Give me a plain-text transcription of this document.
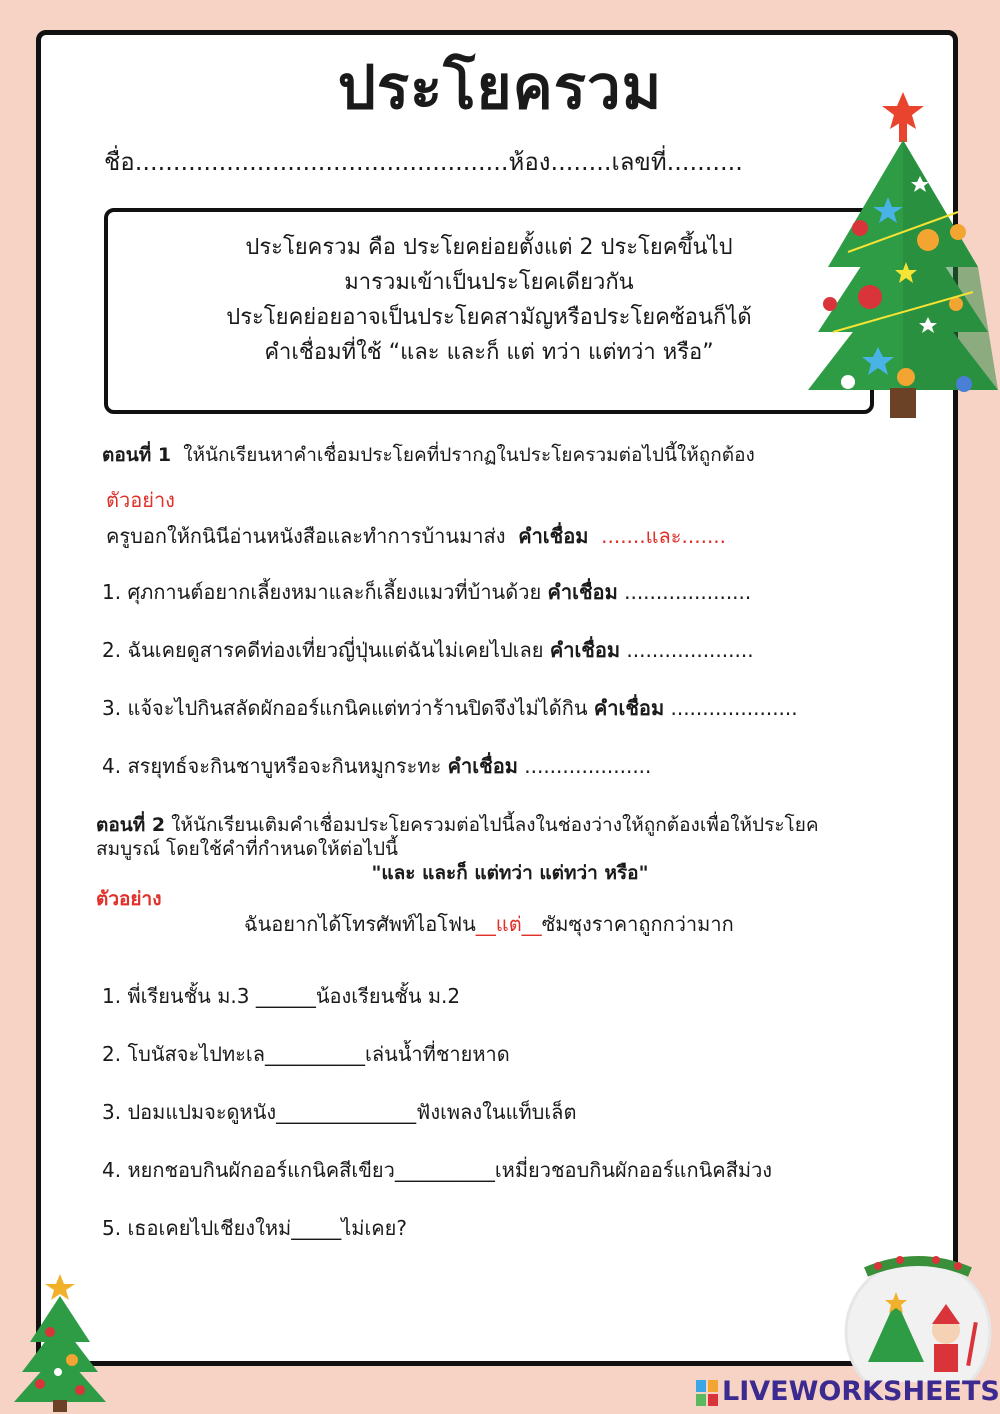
ประโยครวม
ชื่อ.................................................ห้อง........เลขที่..........
ประโยครวม คือ ประโยคย่อยตั้งแต่ 2 ประโยคขึ้นไป
มารวมเข้าเป็นประโยคเดียวกัน
ประโยคย่อยอาจเป็นประโยคสามัญหรือประโยคซ้อนก็ได้
คำเชื่อมที่ใช้ “และ และก็ แต่ ทว่า แต่ทว่า หรือ”
ตอนที่ 1 ให้นักเรียนหาคำเชื่อมประโยคที่ปรากฏในประโยครวมต่อไปนี้ให้ถูกต้อง
ตัวอย่าง
ครูบอกให้กนินีอ่านหนังสือและทำการบ้านมาส่ง คำเชื่อม .......และ.......
1. ศุภกานต์อยากเลี้ยงหมาและก็เลี้ยงแมวที่บ้านด้วย คำเชื่อม ....................
2. ฉันเคยดูสารคดีท่องเที่ยวญี่ปุ่นแต่ฉันไม่เคยไปเลย คำเชื่อม ....................
3. แจ้จะไปกินสลัดผักออร์แกนิคแต่ทว่าร้านปิดจึงไม่ได้กิน คำเชื่อม ....................
4. สรยุทธ์จะกินชาบูหรือจะกินหมูกระทะ คำเชื่อม ....................
ตอนที่ 2 ให้นักเรียนเติมคำเชื่อมประโยครวมต่อไปนี้ลงในช่องว่างให้ถูกต้องเพื่อให้ประโยค
สมบูรณ์ โดยใช้คำที่กำหนดให้ต่อไปนี้
"และ และก็ แต่ทว่า แต่ทว่า หรือ"
ตัวอย่าง
ฉันอยากได้โทรศัพท์ไอโฟน__แต่__ซัมซุงราคาถูกกว่ามาก
1. พี่เรียนชั้น ม.3 ______น้องเรียนชั้น ม.2
2. โบนัสจะไปทะเล__________เล่นน้ำที่ชายหาด
3. ปอมแปมจะดูหนัง______________ฟังเพลงในแท็บเล็ต
4. หยกชอบกินผักออร์แกนิคสีเขียว__________เหมี่ยวชอบกินผักออร์แกนิคสีม่วง
5. เธอเคยไปเชียงใหม่_____ไม่เคย?
LIVEWORKSHEETS
